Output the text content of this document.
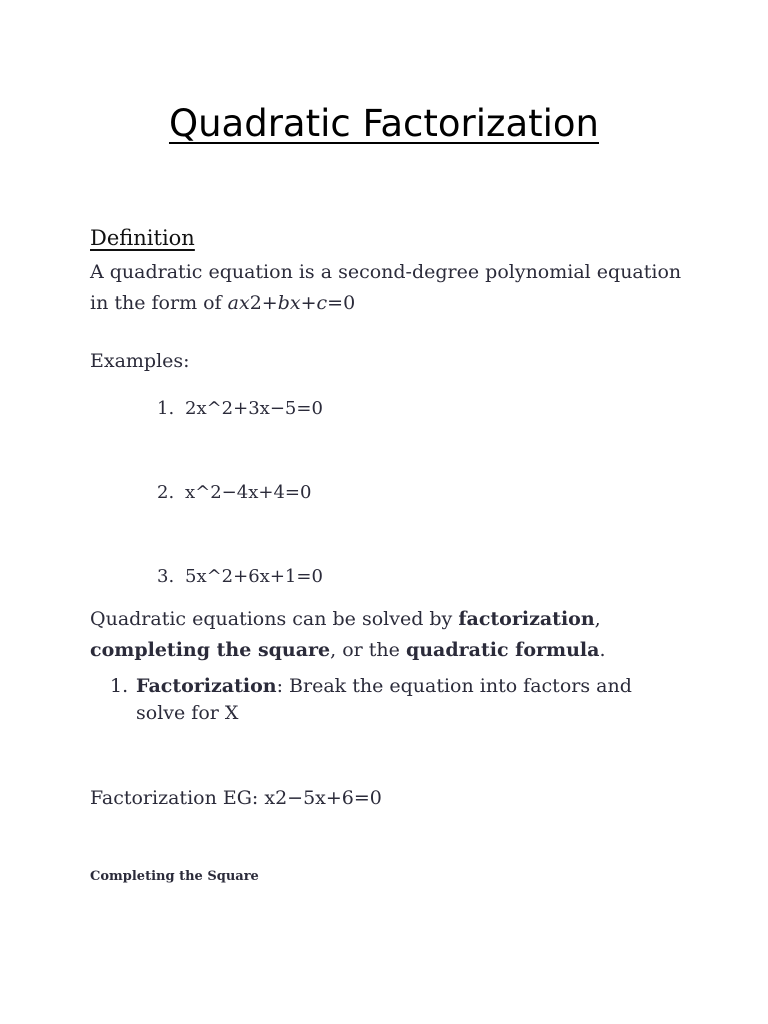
Quadratic Factorization
Definition
A quadratic equation is a second-degree polynomial equation in the form of ax2+bx+c=0
Examples:
1. 2x^2+3x−5=0
2. x^2−4x+4=0
3. 5x^2+6x+1=0
Quadratic equations can be solved by factorization, completing the square, or the quadratic formula.
1. Factorization: Break the equation into factors and solve for X
Factorization EG: x2−5x+6=0
Completing the Square
